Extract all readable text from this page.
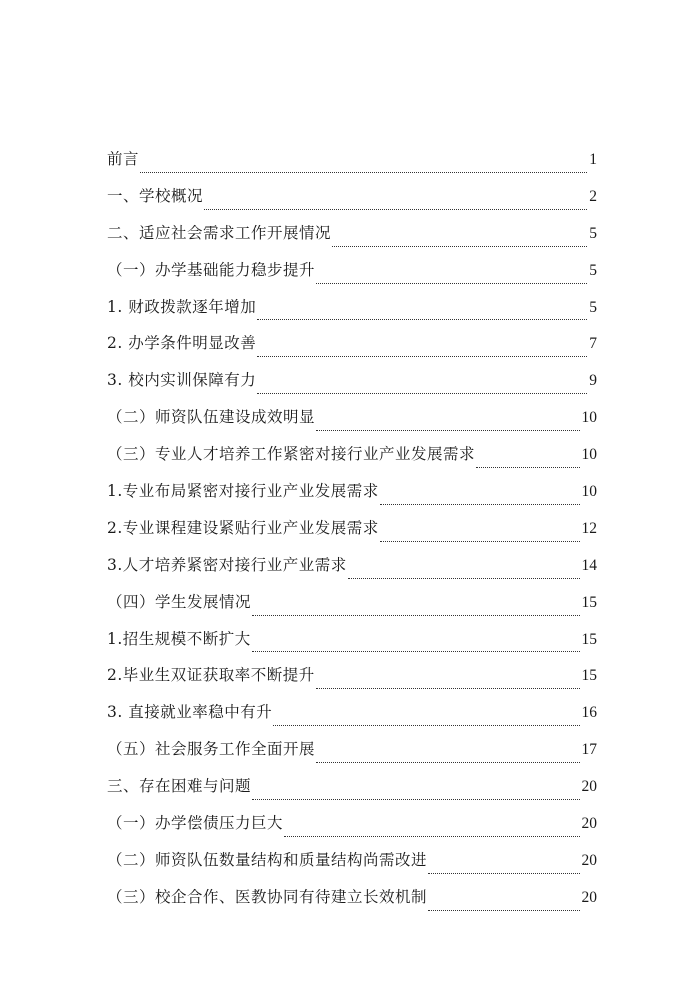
前言	1
一、学校概况	2
二、适应社会需求工作开展情况	5
（一）办学基础能力稳步提升	5
1. 财政拨款逐年增加	5
2. 办学条件明显改善	7
3. 校内实训保障有力	9
（二）师资队伍建设成效明显	10
（三）专业人才培养工作紧密对接行业产业发展需求	10
1.专业布局紧密对接行业产业发展需求	10
2.专业课程建设紧贴行业产业发展需求	12
3.人才培养紧密对接行业产业需求	14
（四）学生发展情况	15
1.招生规模不断扩大	15
2.毕业生双证获取率不断提升	15
3. 直接就业率稳中有升	16
（五）社会服务工作全面开展	17
三、存在困难与问题	20
（一）办学偿债压力巨大	20
（二）师资队伍数量结构和质量结构尚需改进	20
（三）校企合作、医教协同有待建立长效机制	20
